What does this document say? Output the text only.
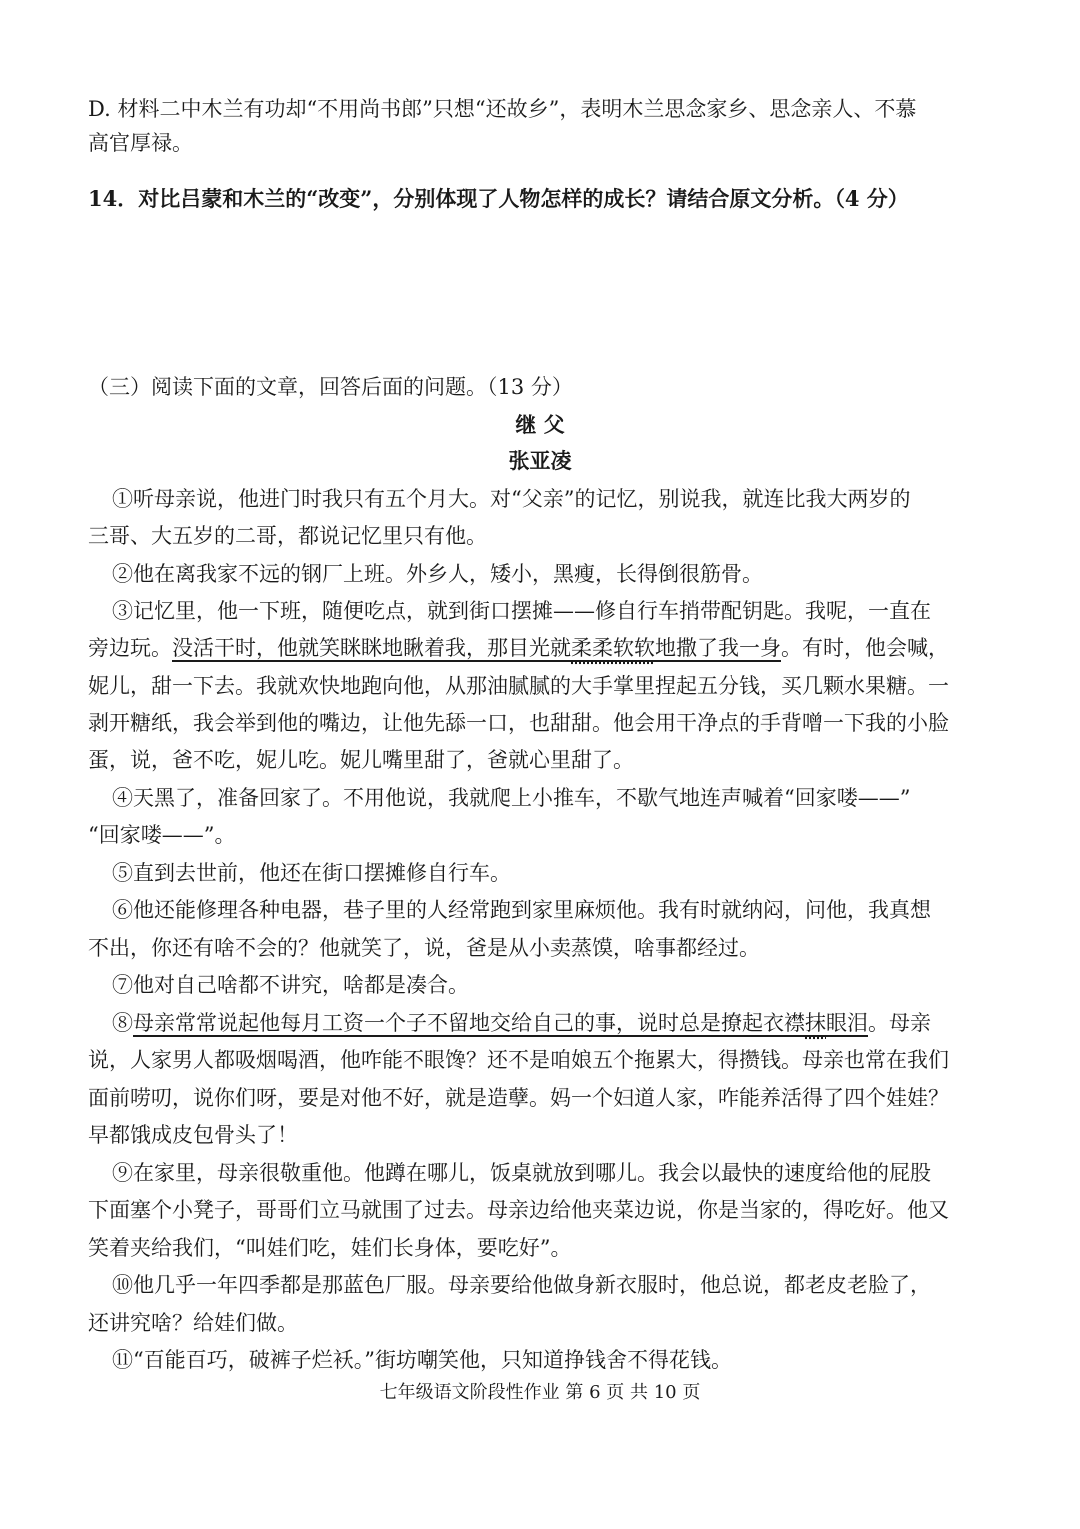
D. 材料二中木兰有功却“不用尚书郎”只想“还故乡”，表明木兰思念家乡、思念亲人、不慕
高官厚禄。
14．对比吕蒙和木兰的“改变”，分别体现了人物怎样的成长？请结合原文分析。（4 分）
（三）阅读下面的文章，回答后面的问题。（13 分）
继 父
张亚凌
①听母亲说，他进门时我只有五个月大。对“父亲”的记忆，别说我，就连比我大两岁的
三哥、大五岁的二哥，都说记忆里只有他。
②他在离我家不远的钢厂上班。外乡人，矮小，黑瘦，长得倒很筋骨。
③记忆里，他一下班，随便吃点，就到街口摆摊——修自行车捎带配钥匙。我呢，一直在
旁边玩。没活干时，他就笑眯眯地瞅着我，那目光就柔柔软软地撒了我一身。有时，他会喊，
妮儿，甜一下去。我就欢快地跑向他，从那油腻腻的大手掌里捏起五分钱，买几颗水果糖。一
剥开糖纸，我会举到他的嘴边，让他先舔一口，也甜甜。他会用干净点的手背噌一下我的小脸
蛋，说，爸不吃，妮儿吃。妮儿嘴里甜了，爸就心里甜了。
④天黑了，准备回家了。不用他说，我就爬上小推车，不歇气地连声喊着“回家喽——”
“回家喽——”。
⑤直到去世前，他还在街口摆摊修自行车。
⑥他还能修理各种电器，巷子里的人经常跑到家里麻烦他。我有时就纳闷，问他，我真想
不出，你还有啥不会的？他就笑了，说，爸是从小卖蒸馍，啥事都经过。
⑦他对自己啥都不讲究，啥都是凑合。
⑧母亲常常说起他每月工资一个子不留地交给自己的事，说时总是撩起衣襟抹眼泪。母亲
说，人家男人都吸烟喝酒，他咋能不眼馋？还不是咱娘五个拖累大，得攒钱。母亲也常在我们
面前唠叨，说你们呀，要是对他不好，就是造孽。妈一个妇道人家，咋能养活得了四个娃娃？
早都饿成皮包骨头了！
⑨在家里，母亲很敬重他。他蹲在哪儿，饭桌就放到哪儿。我会以最快的速度给他的屁股
下面塞个小凳子，哥哥们立马就围了过去。母亲边给他夹菜边说，你是当家的，得吃好。他又
笑着夹给我们，“叫娃们吃，娃们长身体，要吃好”。
⑩他几乎一年四季都是那蓝色厂服。母亲要给他做身新衣服时，他总说，都老皮老脸了，
还讲究啥？给娃们做。
⑪“百能百巧，破裤子烂袄。”街坊嘲笑他，只知道挣钱舍不得花钱。
七年级语文阶段性作业 第 6 页 共 10 页
